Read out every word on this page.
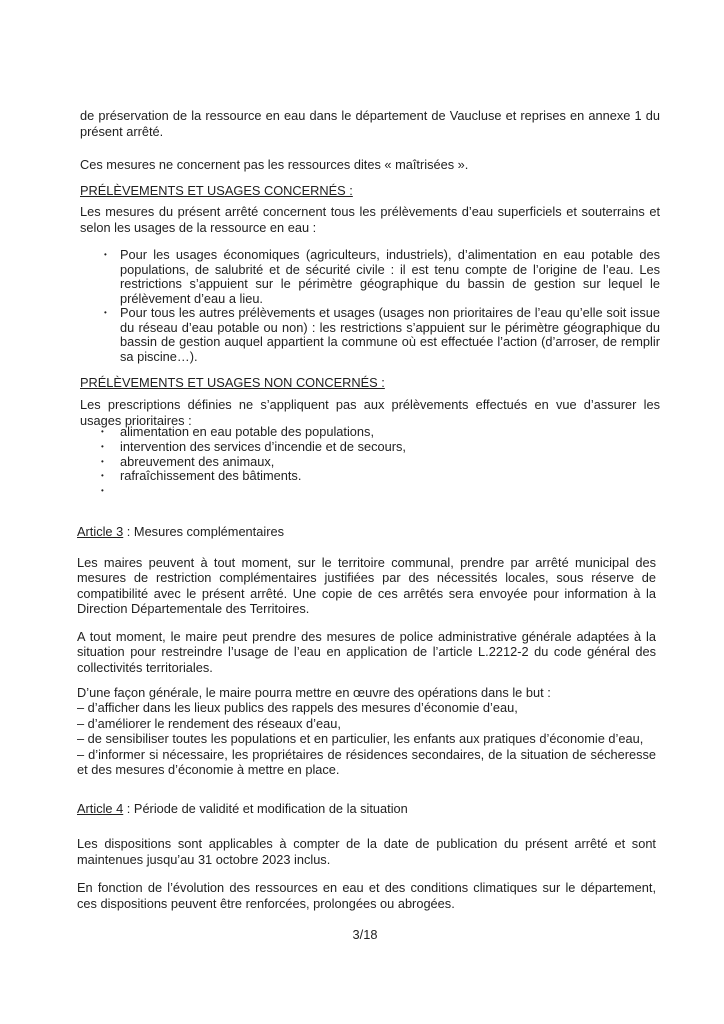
de préservation de la ressource en eau dans le département de Vaucluse et reprises en annexe 1 du présent arrêté.
Ces mesures ne concernent pas les ressources dites « maîtrisées ».
PRÉLÈVEMENTS ET USAGES CONCERNÉS :
Les mesures du présent arrêté concernent tous les prélèvements d’eau superficiels et souterrains et selon les usages de la ressource en eau :
•	Pour les usages économiques (agriculteurs, industriels), d’alimentation en eau potable des populations, de salubrité et de sécurité civile : il est tenu compte de l’origine de l’eau. Les restrictions s’appuient sur le périmètre géographique du bassin de gestion sur lequel le prélèvement d’eau a lieu.
•	Pour tous les autres prélèvements et usages (usages non prioritaires de l’eau qu’elle soit issue du réseau d’eau potable ou non) : les restrictions s’appuient sur le périmètre géographique du bassin de gestion auquel appartient la commune où est effectuée l’action (d’arroser, de remplir sa piscine…).
PRÉLÈVEMENTS ET USAGES NON CONCERNÉS :
Les prescriptions définies ne s’appliquent pas aux prélèvements effectués en vue d’assurer les usages prioritaires :
•	alimentation en eau potable des populations,
•	intervention des services d’incendie et de secours,
•	abreuvement des animaux,
•	rafraîchissement des bâtiments.
•
Article 3 : Mesures complémentaires
Les maires peuvent à tout moment, sur le territoire communal, prendre par arrêté municipal des mesures de restriction complémentaires justifiées par des nécessités locales, sous réserve de compatibilité avec le présent arrêté. Une copie de ces arrêtés sera envoyée pour information à la Direction Départementale des Territoires.
A tout moment, le maire peut prendre des mesures de police administrative générale adaptées à la situation pour restreindre l’usage de l’eau en application de l’article L.2212-2 du code général des collectivités territoriales.
D’une façon générale, le maire pourra mettre en œuvre des opérations dans le but :
– d’afficher dans les lieux publics des rappels des mesures d’économie d’eau,
– d’améliorer le rendement des réseaux d’eau,
– de sensibiliser toutes les populations et en particulier, les enfants aux pratiques d’économie d’eau,
– d’informer si nécessaire, les propriétaires de résidences secondaires, de la situation de sécheresse et des mesures d’économie à mettre en place.
Article 4 : Période de validité et modification de la situation
Les dispositions sont applicables à compter de la date de publication du présent arrêté et sont maintenues jusqu’au 31 octobre 2023 inclus.
En fonction de l’évolution des ressources en eau et des conditions climatiques sur le département, ces dispositions peuvent être renforcées, prolongées ou abrogées.
3/18
